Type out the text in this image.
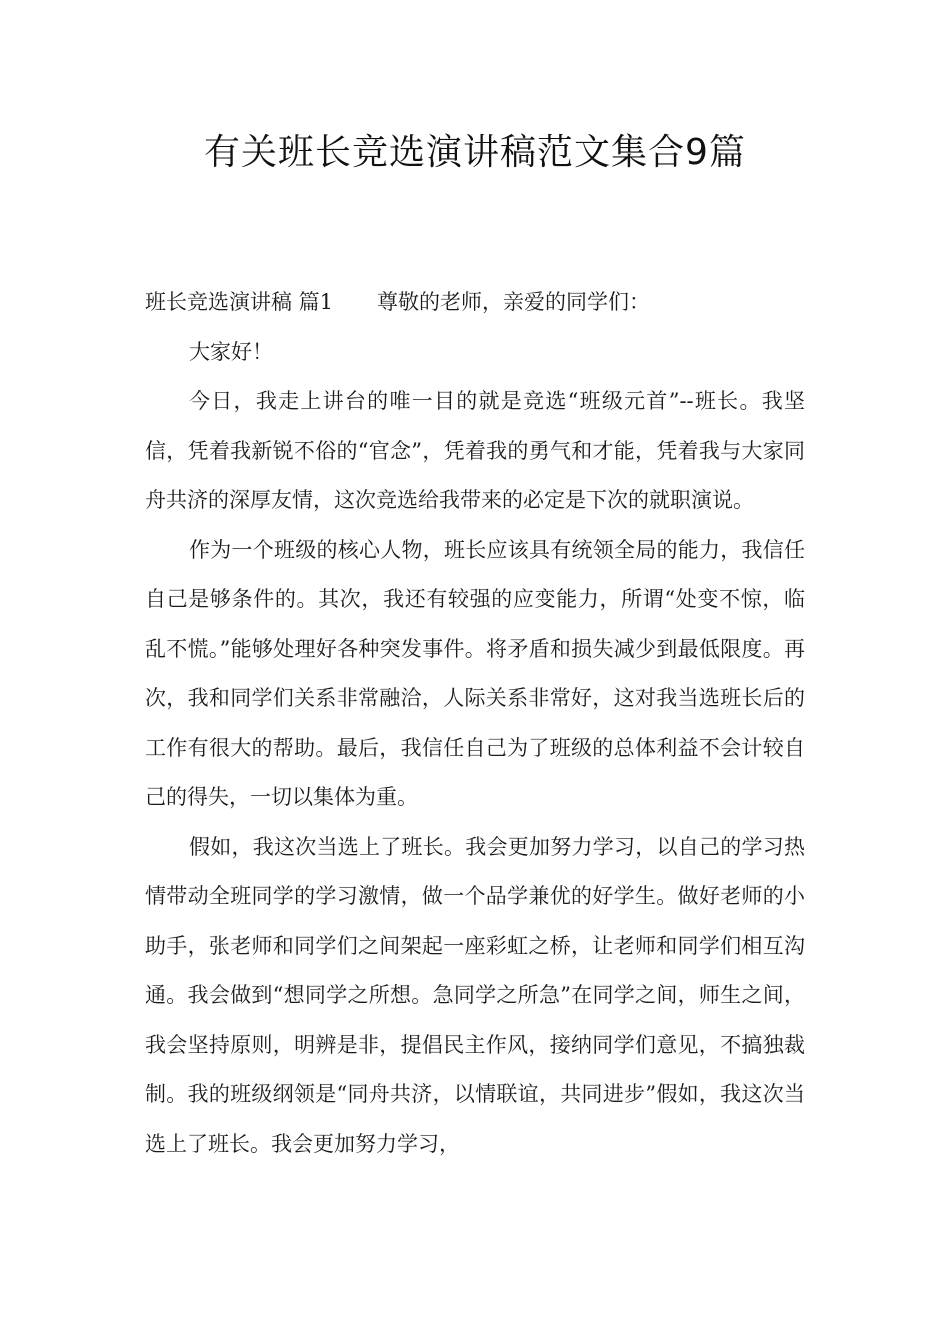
有关班长竞选演讲稿范文集合9篇
班长竞选演讲稿 篇1 尊敬的老师，亲爱的同学们：

大家好！

今日，我走上讲台的唯一目的就是竞选“班级元首”--班长。我坚信，凭着我新锐不俗的“官念”，凭着我的勇气和才能，凭着我与大家同舟共济的深厚友情，这次竞选给我带来的必定是下次的就职演说。

作为一个班级的核心人物，班长应该具有统领全局的能力，我信任自己是够条件的。其次，我还有较强的应变能力，所谓“处变不惊，临乱不慌。”能够处理好各种突发事件。将矛盾和损失减少到最低限度。再次，我和同学们关系非常融洽，人际关系非常好，这对我当选班长后的工作有很大的帮助。最后，我信任自己为了班级的总体利益不会计较自己的得失，一切以集体为重。

假如，我这次当选上了班长。我会更加努力学习，以自己的学习热情带动全班同学的学习激情，做一个品学兼优的好学生。做好老师的小助手，张老师和同学们之间架起一座彩虹之桥，让老师和同学们相互沟通。我会做到“想同学之所想。急同学之所急”在同学之间，师生之间，我会坚持原则，明辨是非，提倡民主作风，接纳同学们意见，不搞独裁制。我的班级纲领是“同舟共济，以情联谊，共同进步”假如，我这次当选上了班长。我会更加努力学习，
